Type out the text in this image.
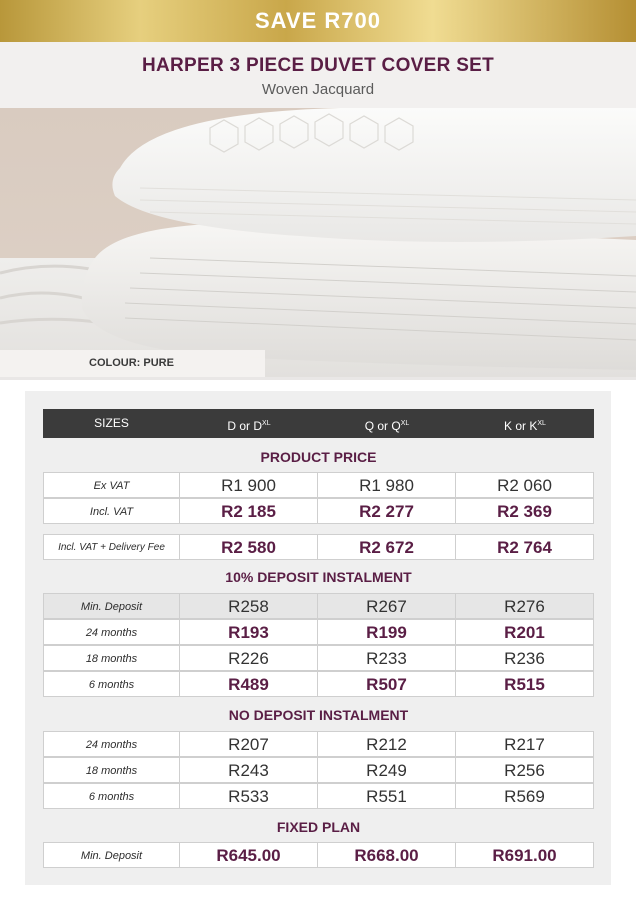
SAVE R700
HARPER 3 PIECE DUVET COVER SET
Woven Jacquard
COLOUR: PURE
SIZES	D or $D^{XL}$	Q or $Q^{XL}$	K or $K^{XL}$
PRODUCT PRICE
Ex VAT	R1 900	R1 980	R2 060
Incl. VAT	R2 185	R2 277	R2 369
Incl. VAT + Delivery Fee	R2 580	R2 672	R2 764
10% DEPOSIT INSTALMENT
Min. Deposit	R258	R267	R276
24 months	R193	R199	R201
18 months	R226	R233	R236
6 months	R489	R507	R515
NO DEPOSIT INSTALMENT
24 months	R207	R212	R217
18 months	R243	R249	R256
6 months	R533	R551	R569
FIXED PLAN
Min. Deposit	R645.00	R668.00	R691.00
